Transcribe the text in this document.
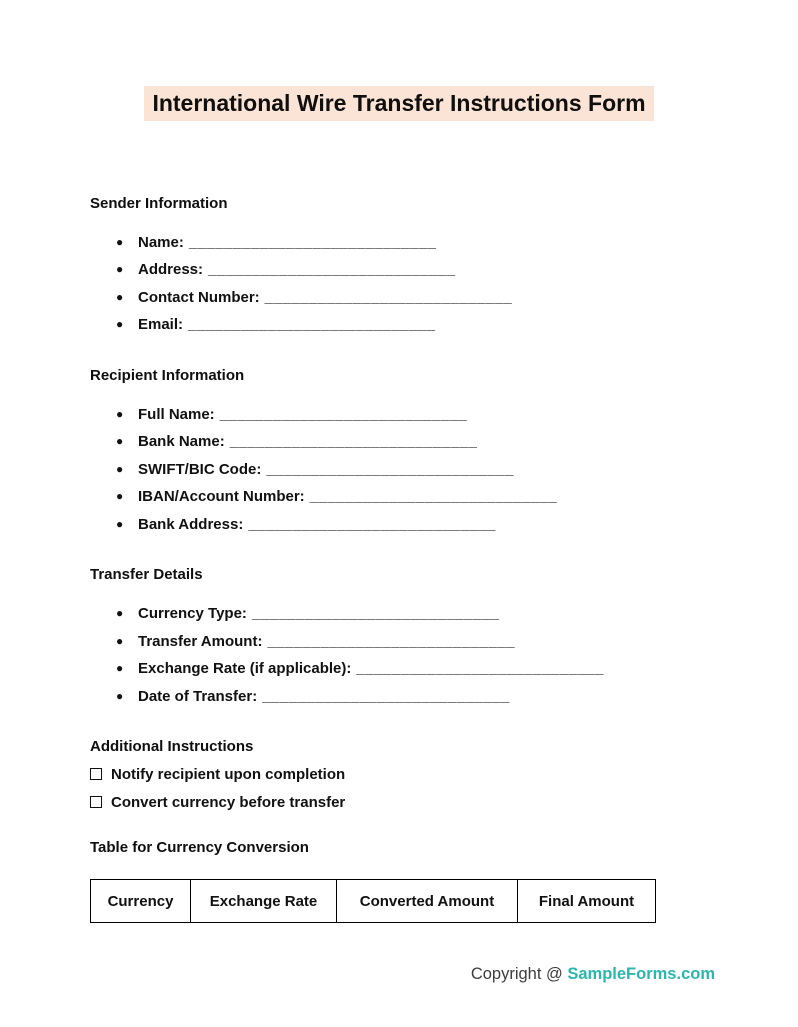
International Wire Transfer Instructions Form
Sender Information
● Name: ____________________________
● Address: ____________________________
● Contact Number: ____________________________
● Email: ____________________________
Recipient Information
● Full Name: ____________________________
● Bank Name: ____________________________
● SWIFT/BIC Code: ____________________________
● IBAN/Account Number: ____________________________
● Bank Address: ____________________________
Transfer Details
● Currency Type: ____________________________
● Transfer Amount: ____________________________
● Exchange Rate (if applicable): ____________________________
● Date of Transfer: ____________________________
Additional Instructions

Notify recipient upon completion

Convert currency before transfer

Table for Currency Conversion
Currency	Exchange Rate	Converted Amount	Final Amount
Copyright @ SampleForms.com
